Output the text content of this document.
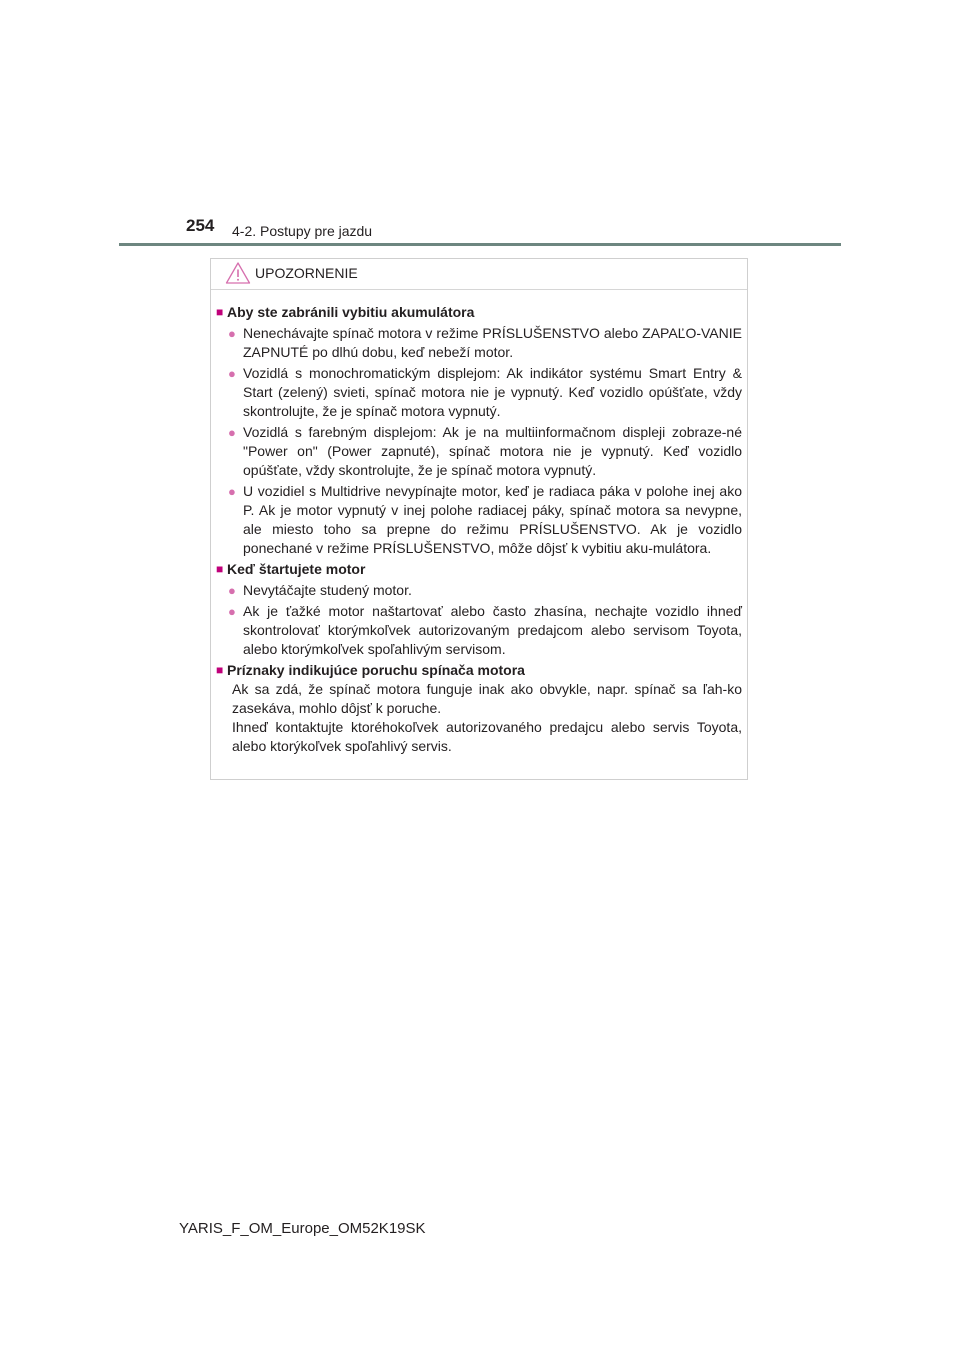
254 4-2. Postupy pre jazdu
UPOZORNENIE
■ Aby ste zabránili vybitiu akumulátora
● Nenechávajte spínač motora v režime PRÍSLUŠENSTVO alebo ZAPAĽO-VANIE ZAPNUTÉ po dlhú dobu, keď nebeží motor.
● Vozidlá s monochromatickým displejom: Ak indikátor systému Smart Entry & Start (zelený) svieti, spínač motora nie je vypnutý. Keď vozidlo opúšťate, vždy skontrolujte, že je spínač motora vypnutý.
● Vozidlá s farebným displejom: Ak je na multiinformačnom displeji zobraze-né "Power on" (Power zapnuté), spínač motora nie je vypnutý. Keď vozidlo opúšťate, vždy skontrolujte, že je spínač motora vypnutý.
● U vozidiel s Multidrive nevypínajte motor, keď je radiaca páka v polohe inej ako P. Ak je motor vypnutý v inej polohe radiacej páky, spínač motora sa nevypne, ale miesto toho sa prepne do režimu PRÍSLUŠENSTVO. Ak je vozidlo ponechané v režime PRÍSLUŠENSTVO, môže dôjsť k vybitiu aku-mulátora.
■ Keď štartujete motor
● Nevytáčajte studený motor.
● Ak je ťažké motor naštartovať alebo často zhasína, nechajte vozidlo ihneď skontrolovať ktorýmkoľvek autorizovaným predajcom alebo servisom Toyota, alebo ktorýmkoľvek spoľahlivým servisom.
■ Príznaky indikujúce poruchu spínača motora
Ak sa zdá, že spínač motora funguje inak ako obvykle, napr. spínač sa ľah-ko zasekáva, mohlo dôjsť k poruche.
Ihneď kontaktujte ktoréhokoľvek autorizovaného predajcu alebo servis Toyota, alebo ktorýkoľvek spoľahlivý servis.
YARIS_F_OM_Europe_OM52K19SK
